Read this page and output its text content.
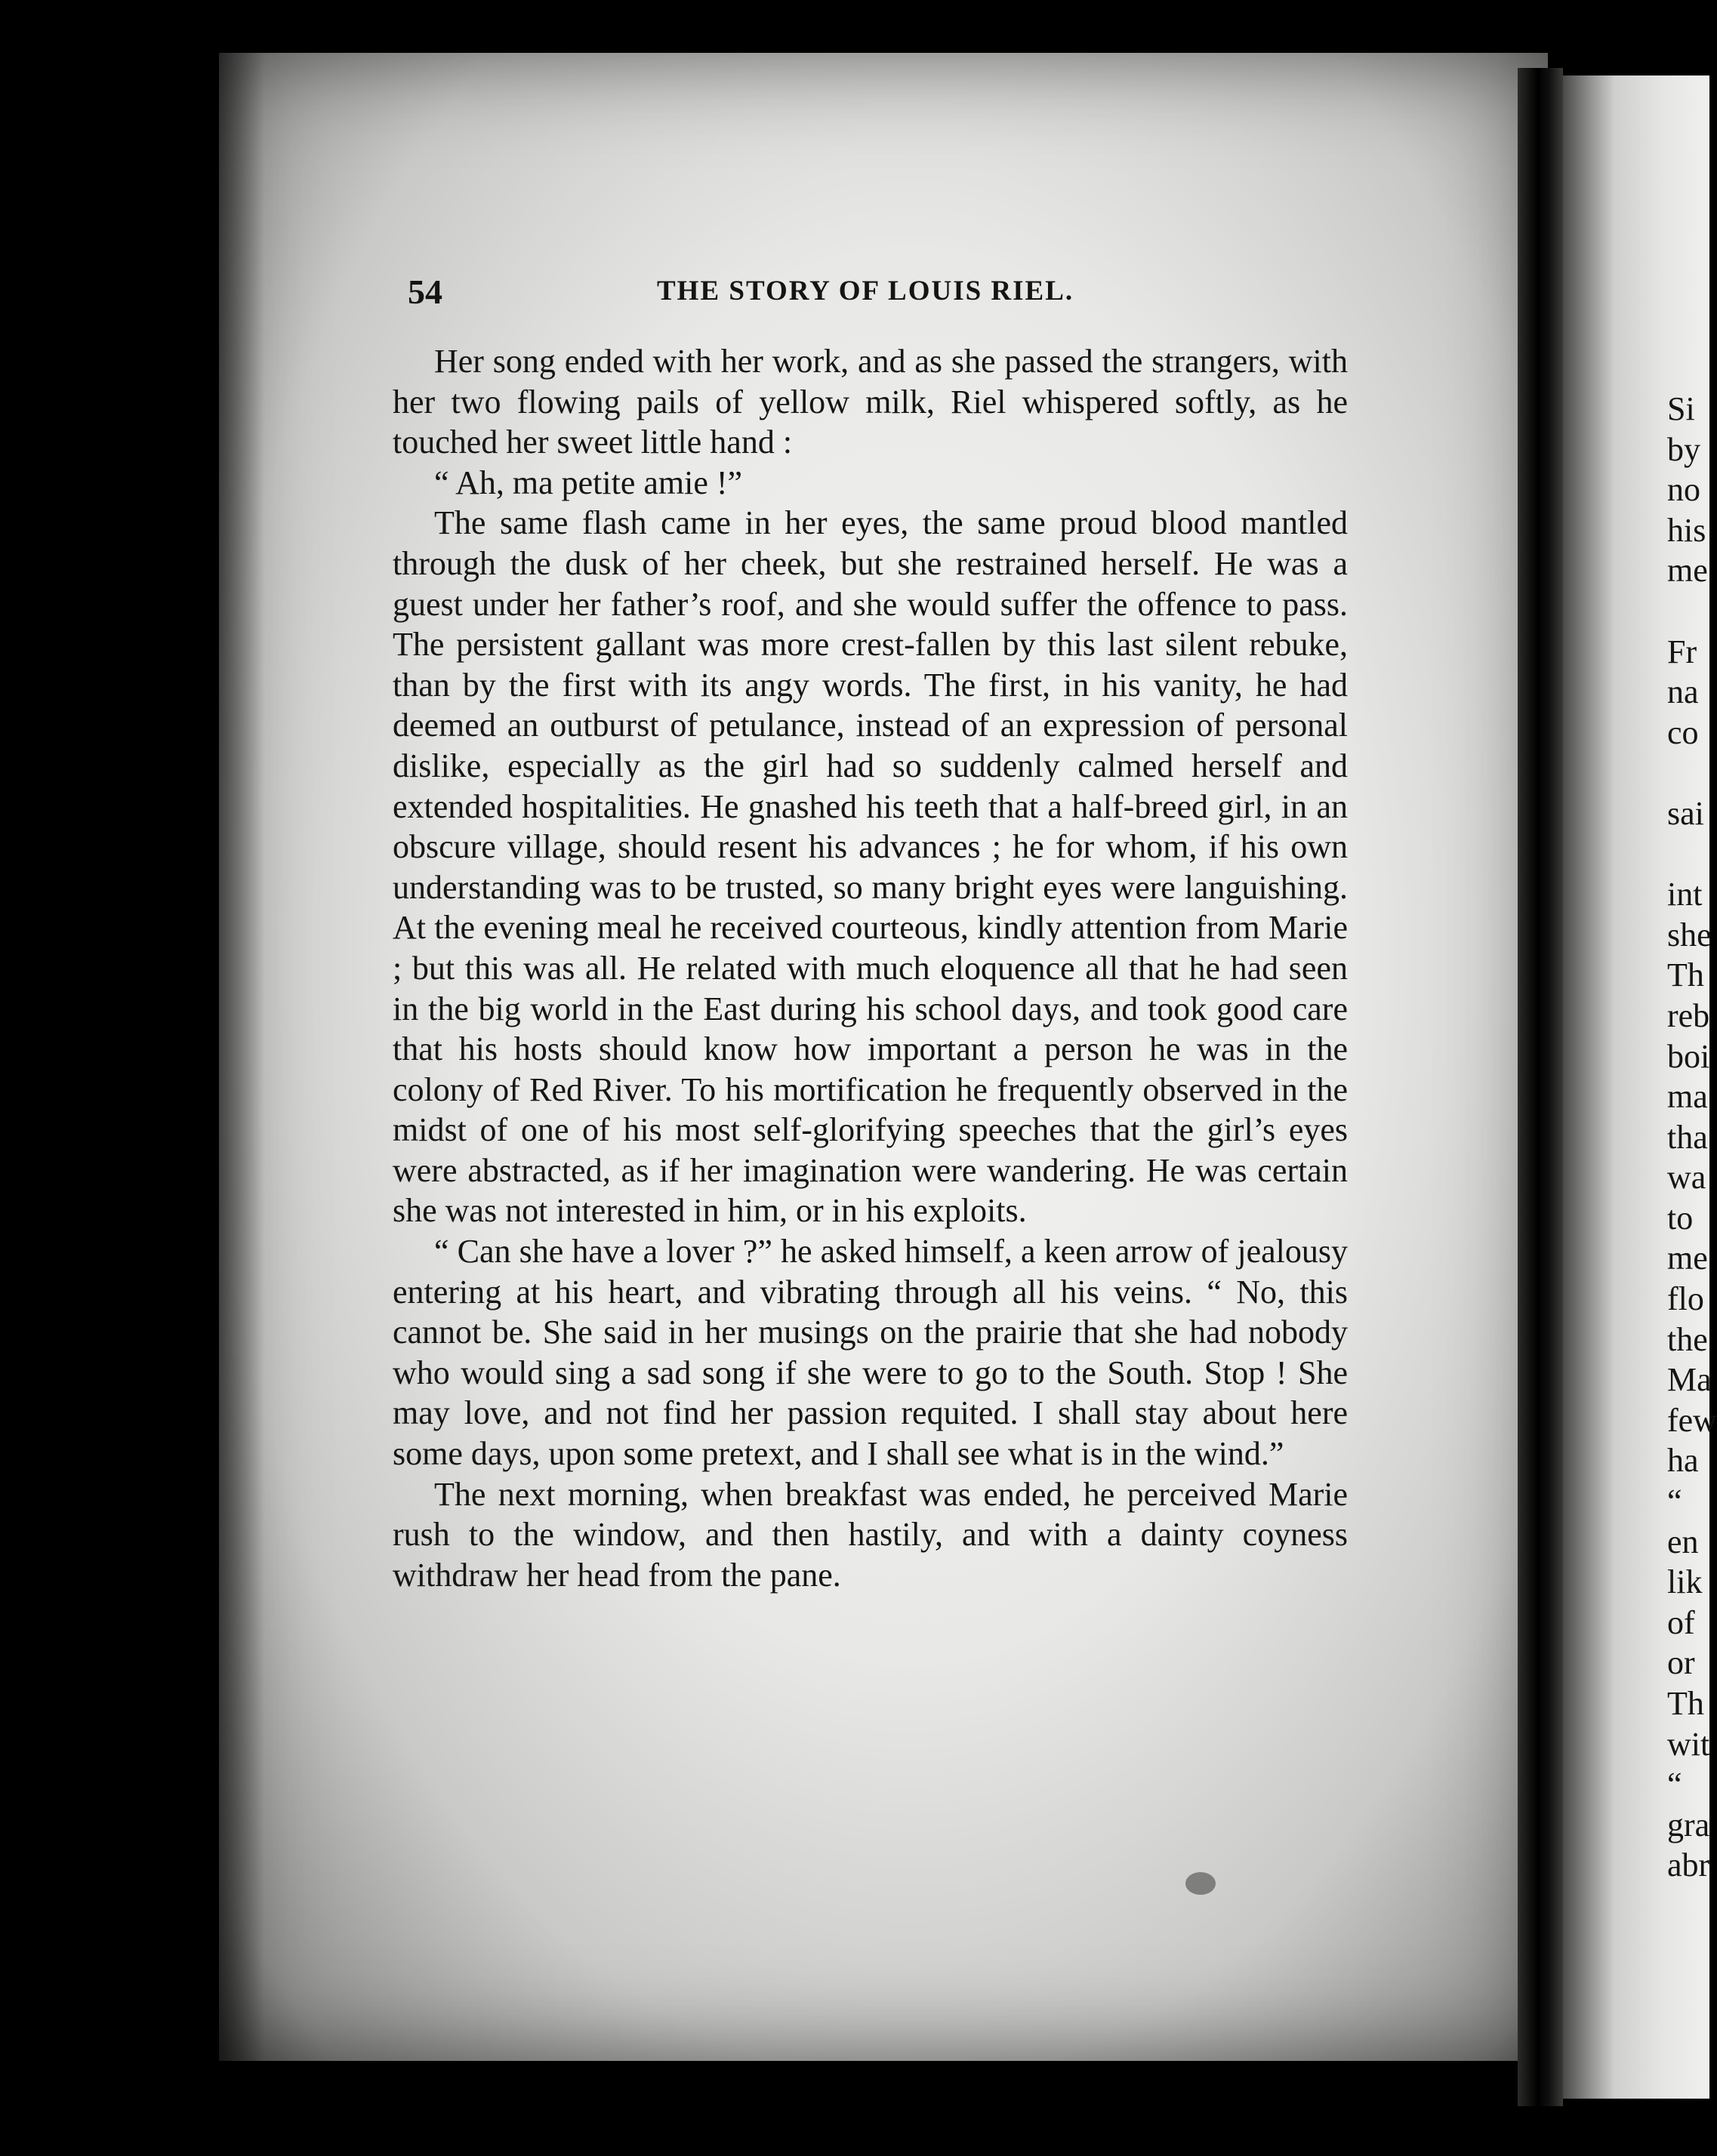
54	THE STORY OF LOUIS RIEL.

Her song ended with her work, and as she passed the strangers, with her two flowing pails of yellow milk, Riel whispered softly, as he touched her sweet little hand :

“ Ah, ma petite amie !”

The same flash came in her eyes, the same proud blood mantled through the dusk of her cheek, but she restrained herself. He was a guest under her father’s roof, and she would suffer the offence to pass. The persistent gallant was more crest-fallen by this last silent rebuke, than by the first with its angy words. The first, in his vanity, he had deemed an outburst of petulance, instead of an expression of personal dislike, especially as the girl had so suddenly calmed herself and extended hospitalities. He gnashed his teeth that a half-breed girl, in an obscure village, should resent his advances ; he for whom, if his own understanding was to be trusted, so many bright eyes were languishing. At the evening meal he received courteous, kindly attention from Marie ; but this was all. He related with much eloquence all that he had seen in the big world in the East during his school days, and took good care that his hosts should know how important a person he was in the colony of Red River. To his mortification he frequently observed in the midst of one of his most self-glorifying speeches that the girl’s eyes were abstracted, as if her imagination were wandering. He was certain she was not interested in him, or in his exploits.

“ Can she have a lover ?” he asked himself, a keen arrow of jealousy entering at his heart, and vibrating through all his veins. “ No, this cannot be. She said in her musings on the prairie that she had nobody who would sing a sad song if she were to go to the South. Stop ! She may love, and not find her passion requited. I shall stay about here some days, upon some pretext, and I shall see what is in the wind.”

The next morning, when breakfast was ended, he perceived Marie rush to the window, and then hastily, and with a dainty coyness withdraw her head from the pane.

Si
by
no
his
me

Fr
na
co

sai

int
she
Th
reb
boi
ma
tha
wa
to
me
flo
the
Ma
few
ha
“
en
lik
of
or
Th
wit
“
gra
abr
